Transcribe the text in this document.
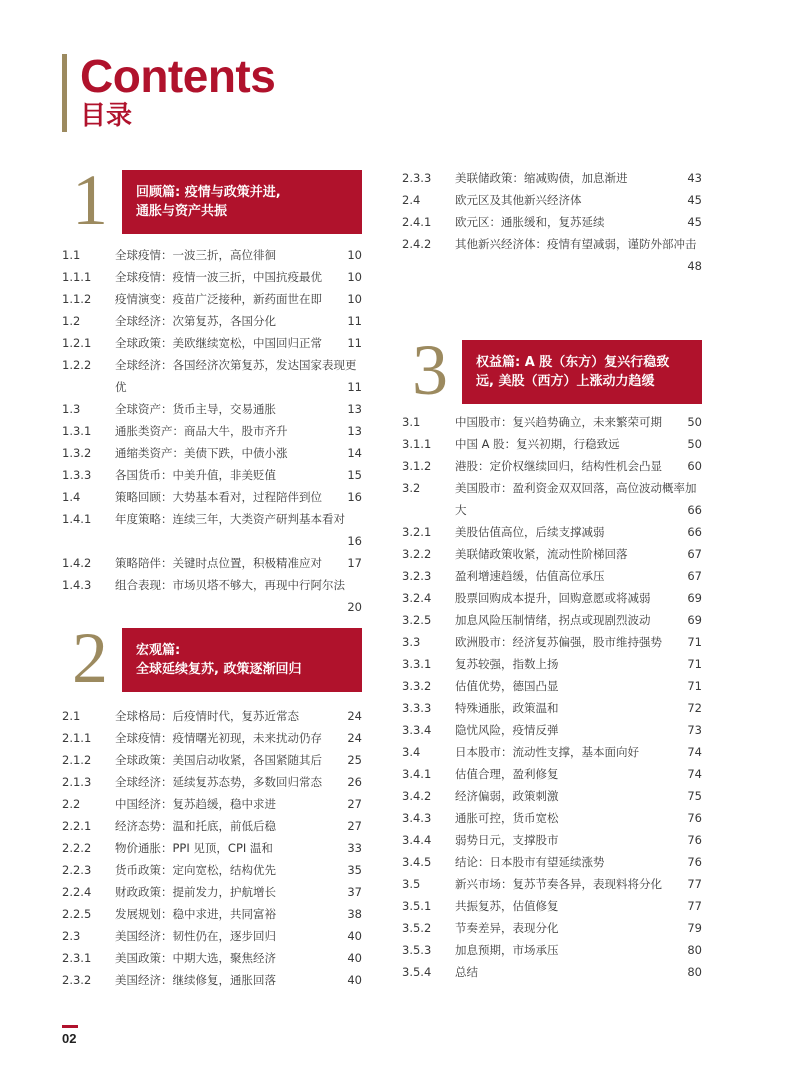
Contents
目录
1	回顾篇: 疫情与政策并进,
通胀与资产共振
1.1	全球疫情：一波三折，高位徘徊	10
1.1.1 全球疫情：疫情一波三折，中国抗疫最优 10
1.1.2 疫情演变：疫苗广泛接种，新药面世在即 10
1.2	全球经济：次第复苏，各国分化	11
1.2.1 全球政策：美欧继续宽松，中国回归正常 11
1.2.2 全球经济：各国经济次第复苏，发达国家表现更优	11
1.3	全球资产：货币主导，交易通胀	13
1.3.1 通胀类资产：商品大牛，股市齐升	13
1.3.2 通缩类资产：美债下跌，中债小涨	14
1.3.3 各国货币：中美升值，非美贬值	15
1.4	策略回顾：大势基本看对，过程陪伴到位 16
1.4.1 年度策略：连续三年，大类资产研判基本看对
16
1.4.2 策略陪伴：关键时点位置，积极精准应对 17
1.4.3 组合表现：市场贝塔不够大，再现中行阿尔法
20
2	宏观篇:
全球延续复苏, 政策逐渐回归
2.1	全球格局：后疫情时代，复苏近常态	24
2.1.1 全球疫情：疫情曙光初现，未来扰动仍存 24
2.1.2 全球政策：美国启动收紧，各国紧随其后 25
2.1.3 全球经济：延续复苏态势，多数回归常态 26
2.2	中国经济：复苏趋缓，稳中求进	27
2.2.1 经济态势：温和托底，前低后稳	27
2.2.2 物价通胀：PPI 见顶，CPI 温和	33
2.2.3 货币政策：定向宽松，结构优先	35
2.2.4 财政政策：提前发力，护航增长	37
2.2.5 发展规划：稳中求进，共同富裕	38
2.3	美国经济：韧性仍在，逐步回归	40
2.3.1 美国政策：中期大选，聚焦经济	40
2.3.2 美国经济：继续修复，通胀回落	40
2.3.3 美联储政策：缩减购债，加息渐进	43
2.4	欧元区及其他新兴经济体	45
2.4.1 欧元区：通胀缓和，复苏延续	45
2.4.2 其他新兴经济体：疫情有望减弱，谨防外部冲击
48
3	权益篇: A 股（东方）复兴行稳致
远, 美股（西方）上涨动力趋缓
3.1	中国股市：复兴趋势确立，未来繁荣可期 50
3.1.1 中国 A 股：复兴初期，行稳致远	50
3.1.2 港股：定价权继续回归，结构性机会凸显 60
3.2	美国股市：盈利资金双双回落，高位波动概率加大	66
3.2.1 美股估值高位，后续支撑减弱	66
3.2.2 美联储政策收紧，流动性阶梯回落	67
3.2.3 盈利增速趋缓，估值高位承压	67
3.2.4 股票回购成本提升，回购意愿或将减弱	69
3.2.5 加息风险压制情绪，拐点或现剧烈波动	69
3.3	欧洲股市：经济复苏偏强，股市维持强势 71
3.3.1 复苏较强，指数上扬	71
3.3.2 估值优势，德国凸显	71
3.3.3 特殊通胀，政策温和	72
3.3.4 隐忧风险，疫情反弹	73
3.4	日本股市：流动性支撑，基本面向好	74
3.4.1 估值合理，盈利修复	74
3.4.2 经济偏弱，政策刺激	75
3.4.3 通胀可控，货币宽松	76
3.4.4 弱势日元，支撑股市	76
3.4.5 结论：日本股市有望延续涨势	76
3.5	新兴市场：复苏节奏各异，表现料将分化 77
3.5.1 共振复苏，估值修复	77
3.5.2 节奏差异，表现分化	79
3.5.3 加息预期，市场承压	80
3.5.4 总结	80
02
